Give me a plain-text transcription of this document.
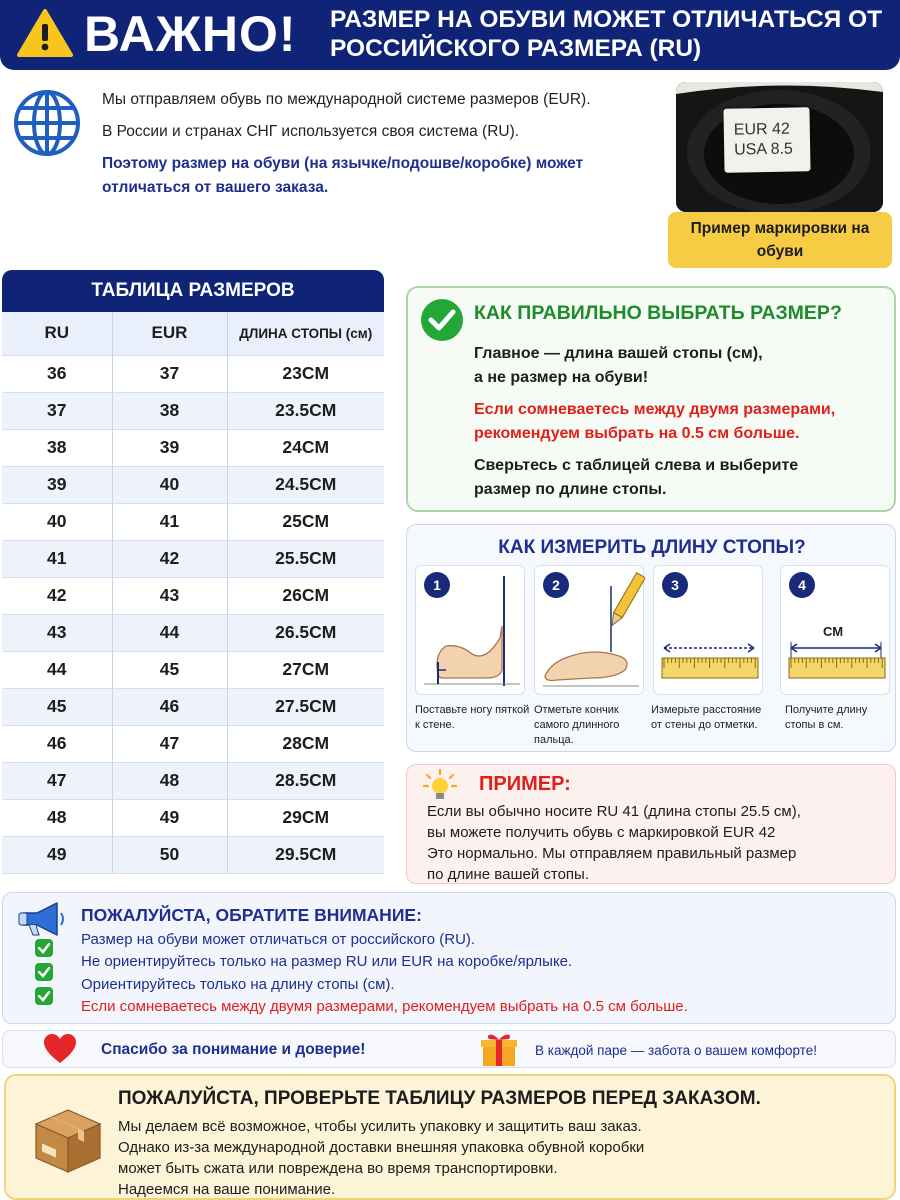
ВАЖНО! РАЗМЕР НА ОБУВИ МОЖЕТ ОТЛИЧАТЬСЯ ОТ РОССИЙСКОГО РАЗМЕРА (RU)

Мы отправляем обувь по международной системе размеров (EUR).

В России и странах СНГ используется своя система (RU).

Поэтому размер на обуви (на язычке/подошве/коробке) может отличаться от вашего заказа.

EUR 42
USA 8.5
Пример маркировки на обуви
ТАБЛИЦА РАЗМЕРОВ
RU	EUR	ДЛИНА СТОПЫ (см)
36	37	23CM
37	38	23.5CM
38	39	24CM
39	40	24.5CM
40	41	25CM
41	42	25.5CM
42	43	26CM
43	44	26.5CM
44	45	27CM
45	46	27.5CM
46	47	28CM
47	48	28.5CM
48	49	29CM
49	50	29.5CM
КАК ПРАВИЛЬНО ВЫБРАТЬ РАЗМЕР?
Главное — длина вашей стопы (см),
а не размер на обуви!
Если сомневаетесь между двумя размерами,
рекомендуем выбрать на 0.5 см больше.
Сверьтесь с таблицей слева и выберите
размер по длине стопы.
КАК ИЗМЕРИТЬ ДЛИНУ СТОПЫ?
1	2	3	4
СМ
Поставьте ногу пяткой к стене.
Отметьте кончик самого длинного пальца.
Измерьте расстояние от стены до отметки.
Получите длину стопы в см.
ПРИМЕР:
Если вы обычно носите RU 41 (длина стопы 25.5 см),
вы можете получить обувь с маркировкой EUR 42
Это нормально. Мы отправляем правильный размер
по длине вашей стопы.
ПОЖАЛУЙСТА, ОБРАТИТЕ ВНИМАНИЕ:
Размер на обуви может отличаться от российского (RU).
Не ориентируйтесь только на размер RU или EUR на коробке/ярлыке.
Ориентируйтесь только на длину стопы (см).
Если сомневаетесь между двумя размерами, рекомендуем выбрать на 0.5 см больше.
Спасибо за понимание и доверие!	В каждой паре — забота о вашем комфорте!
ПОЖАЛУЙСТА, ПРОВЕРЬТЕ ТАБЛИЦУ РАЗМЕРОВ ПЕРЕД ЗАКАЗОМ.
Мы делаем всё возможное, чтобы усилить упаковку и защитить ваш заказ.
Однако из-за международной доставки внешняя упаковка обувной коробки
может быть сжата или повреждена во время транспортировки.
Надеемся на ваше понимание.
